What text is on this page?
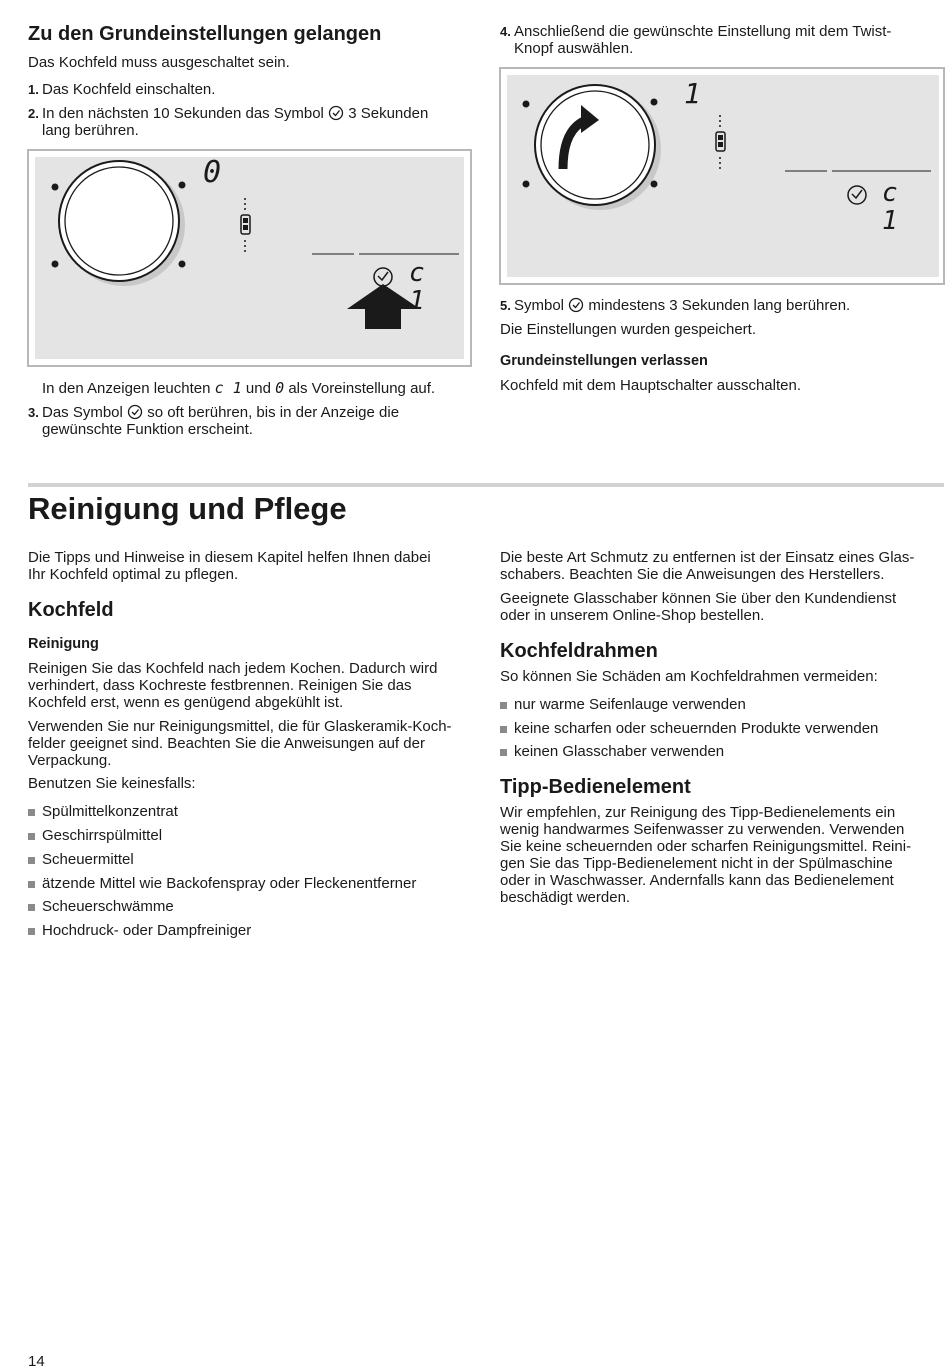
Zu den Grundeinstellungen gelangen

Das Kochfeld muss ausgeschaltet sein.

1. Das Kochfeld einschalten.
2. In den nächsten 10 Sekunden das Symbol 3 Sekunden
lang berühren.
0
c 1
In den Anzeigen leuchten c 1 und 0 als Voreinstellung auf.
3. Das Symbol so oft berühren, bis in der Anzeige die
gewünschte Funktion erscheint.
4. Anschließend die gewünschte Einstellung mit dem Twist-
Knopf auswählen.
1
c 1
5. Symbol mindestens 3 Sekunden lang berühren.

Die Einstellungen wurden gespeichert.

Grundeinstellungen verlassen

Kochfeld mit dem Hauptschalter ausschalten.

Reinigung und Pflege

Die Tipps und Hinweise in diesem Kapitel helfen Ihnen dabei

Ihr Kochfeld optimal zu pflegen.

Kochfeld
Reinigung

Reinigen Sie das Kochfeld nach jedem Kochen. Dadurch wird

verhindert, dass Kochreste festbrennen. Reinigen Sie das

Kochfeld erst, wenn es genügend abgekühlt ist.

Verwenden Sie nur Reinigungsmittel, die für Glaskeramik-Koch-

felder geeignet sind. Beachten Sie die Anweisungen auf der

Verpackung.

Benutzen Sie keinesfalls:

Spülmittelkonzentrat
Geschirrspülmittel
Scheuermittel
ätzende Mittel wie Backofenspray oder Fleckenentferner
Scheuerschwämme
Hochdruck- oder Dampfreiniger

Die beste Art Schmutz zu entfernen ist der Einsatz eines Glas-

schabers. Beachten Sie die Anweisungen des Herstellers.

Geeignete Glasschaber können Sie über den Kundendienst

oder in unserem Online-Shop bestellen.

Kochfeldrahmen

So können Sie Schäden am Kochfeldrahmen vermeiden:

nur warme Seifenlauge verwenden
keine scharfen oder scheuernden Produkte verwenden
keinen Glasschaber verwenden
Tipp-Bedienelement

Wir empfehlen, zur Reinigung des Tipp-Bedienelements ein

wenig handwarmes Seifenwasser zu verwenden. Verwenden

Sie keine scheuernden oder scharfen Reinigungsmittel. Reini-

gen Sie das Tipp-Bedienelement nicht in der Spülmaschine

oder in Waschwasser. Andernfalls kann das Bedienelement

beschädigt werden.

14
